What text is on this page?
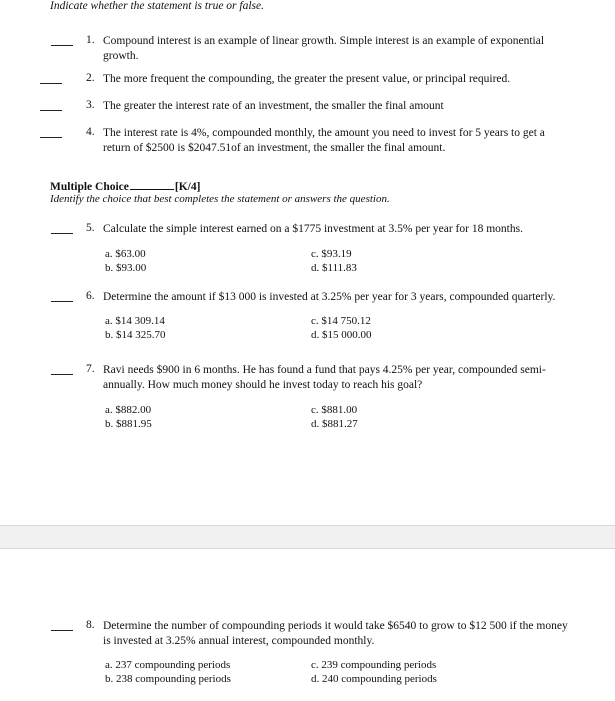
Indicate whether the statement is true or false.
1. Compound interest is an example of linear growth. Simple interest is an example of exponential growth.
2. The more frequent the compounding, the greater the present value, or principal required.
3. The greater the interest rate of an investment, the smaller the final amount
4. The interest rate is 4%, compounded monthly, the amount you need to invest for 5 years to get a return of $2500 is $2047.51of an investment, the smaller the final amount.
Multiple Choice	[K/4]
Identify the choice that best completes the statement or answers the question.
5. Calculate the simple interest earned on a $1775 investment at 3.5% per year for 18 months.
a. $63.00
b. $93.00
c. $93.19
d. $111.83
6. Determine the amount if $13 000 is invested at 3.25% per year for 3 years, compounded quarterly.
a. $14 309.14
b. $14 325.70
c. $14 750.12
d. $15 000.00
7. Ravi needs $900 in 6 months. He has found a fund that pays 4.25% per year, compounded semi-annually. How much money should he invest today to reach his goal?
a. $882.00
b. $881.95
c. $881.00
d. $881.27
8. Determine the number of compounding periods it would take $6540 to grow to $12 500 if the money is invested at 3.25% annual interest, compounded monthly.
a. 237 compounding periods
b. 238 compounding periods
c. 239 compounding periods
d. 240 compounding periods
